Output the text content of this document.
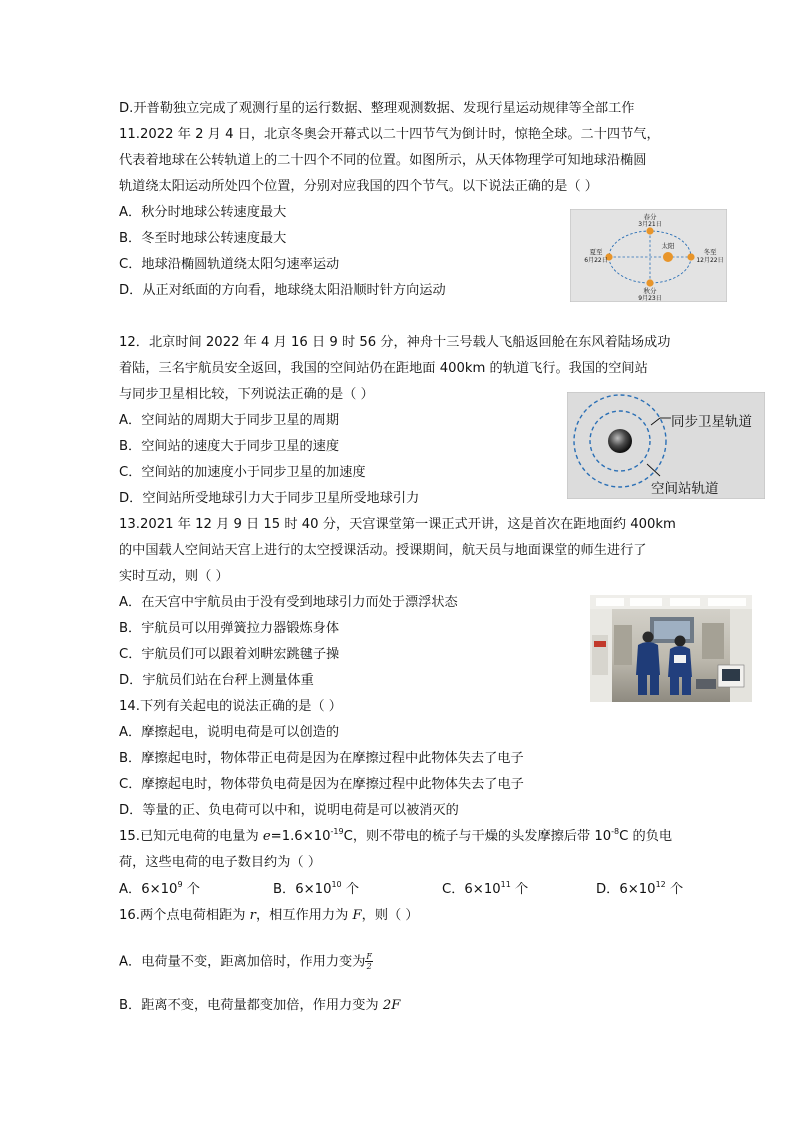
D.开普勒独立完成了观测行星的运行数据、整理观测数据、发现行星运动规律等全部工作
11.2022 年 2 月 4 日，北京冬奥会开幕式以二十四节气为倒计时，惊艳全球。二十四节气，
代表着地球在公转轨道上的二十四个不同的位置。如图所示，从天体物理学可知地球沿椭圆
轨道绕太阳运动所处四个位置，分别对应我国的四个节气。以下说法正确的是（ ）
A．秋分时地球公转速度最大
B．冬至时地球公转速度最大
C．地球沿椭圆轨道绕太阳匀速率运动
D．从正对纸面的方向看，地球绕太阳沿顺时针方向运动
春分
3月21日
太阳
夏至
6月22日
冬至
12月22日
秋分
9月23日
12．北京时间 2022 年 4 月 16 日 9 时 56 分，神舟十三号载人飞船返回舱在东风着陆场成功
着陆，三名宇航员安全返回，我国的空间站仍在距地面 400km 的轨道飞行。我国的空间站
与同步卫星相比较，下列说法正确的是（ ）
A．空间站的周期大于同步卫星的周期
B．空间站的速度大于同步卫星的速度
C．空间站的加速度小于同步卫星的加速度
D．空间站所受地球引力大于同步卫星所受地球引力
同步卫星轨道
空间站轨道
13.2021 年 12 月 9 日 15 时 40 分，天宫课堂第一课正式开讲，这是首次在距地面约 400km
的中国载人空间站天宫上进行的太空授课活动。授课期间，航天员与地面课堂的师生进行了
实时互动，则（ ）
A．在天宫中宇航员由于没有受到地球引力而处于漂浮状态
B．宇航员可以用弹簧拉力器锻炼身体
C．宇航员们可以跟着刘畊宏跳毽子操
D．宇航员们站在台秤上测量体重
14.下列有关起电的说法正确的是（ ）
A．摩擦起电，说明电荷是可以创造的
B．摩擦起电时，物体带正电荷是因为在摩擦过程中此物体失去了电子
C．摩擦起电时，物体带负电荷是因为在摩擦过程中此物体失去了电子
D．等量的正、负电荷可以中和，说明电荷是可以被消灭的
15.已知元电荷的电量为 $e=1.6\times 10^{-19}C$，则不带电的梳子与干燥的头发摩擦后带 $10^{-8}C$ 的负电
荷，这些电荷的电子数目约为（ ）
A．$6\times 10^9$ 个	B．$6\times 10^{10}$ 个	C．$6\times 10^{11}$ 个	D．$6\times 10^{12}$ 个
16.两个点电荷相距为 r，相互作用力为 F，则（ ）
A．电荷量不变，距离加倍时，作用力变为 $\frac{F}{2}$
B．距离不变，电荷量都变加倍，作用力变为 2F
